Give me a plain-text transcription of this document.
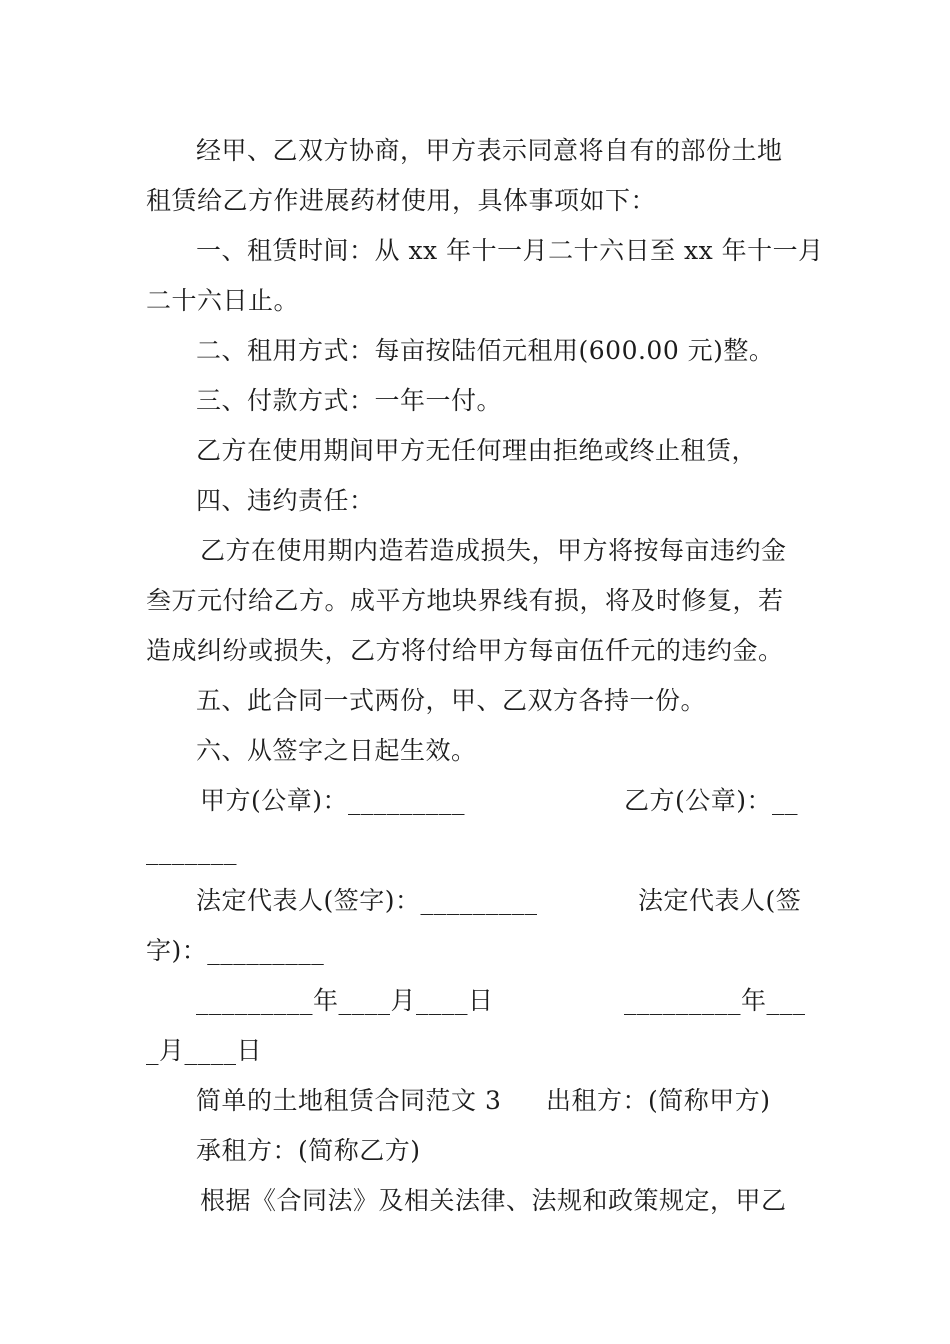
经甲、乙双方协商，甲方表示同意将自有的部份土地
租赁给乙方作进展药材使用，具体事项如下：
一、租赁时间：从 xx 年十一月二十六日至 xx 年十一月
二十六日止。
二、租用方式：每亩按陆佰元租用(600.00 元)整。
三、付款方式：一年一付。
乙方在使用期间甲方无任何理由拒绝或终止租赁，
四、违约责任：
乙方在使用期内造若造成损失，甲方将按每亩违约金
叁万元付给乙方。成平方地块界线有损，将及时修复，若
造成纠纷或损失，乙方将付给甲方每亩伍仟元的违约金。
五、此合同一式两份，甲、乙双方各持一份。
六、从签字之日起生效。
甲方(公章)：_________	乙方(公章)：__
_______
法定代表人(签字)：_________	法定代表人(签
字)：_________
_________年____月____日	_________年___
_月____日
简单的土地租赁合同范文 3	出租方：(简称甲方)
承租方：(简称乙方)
根据《合同法》及相关法律、法规和政策规定，甲乙
